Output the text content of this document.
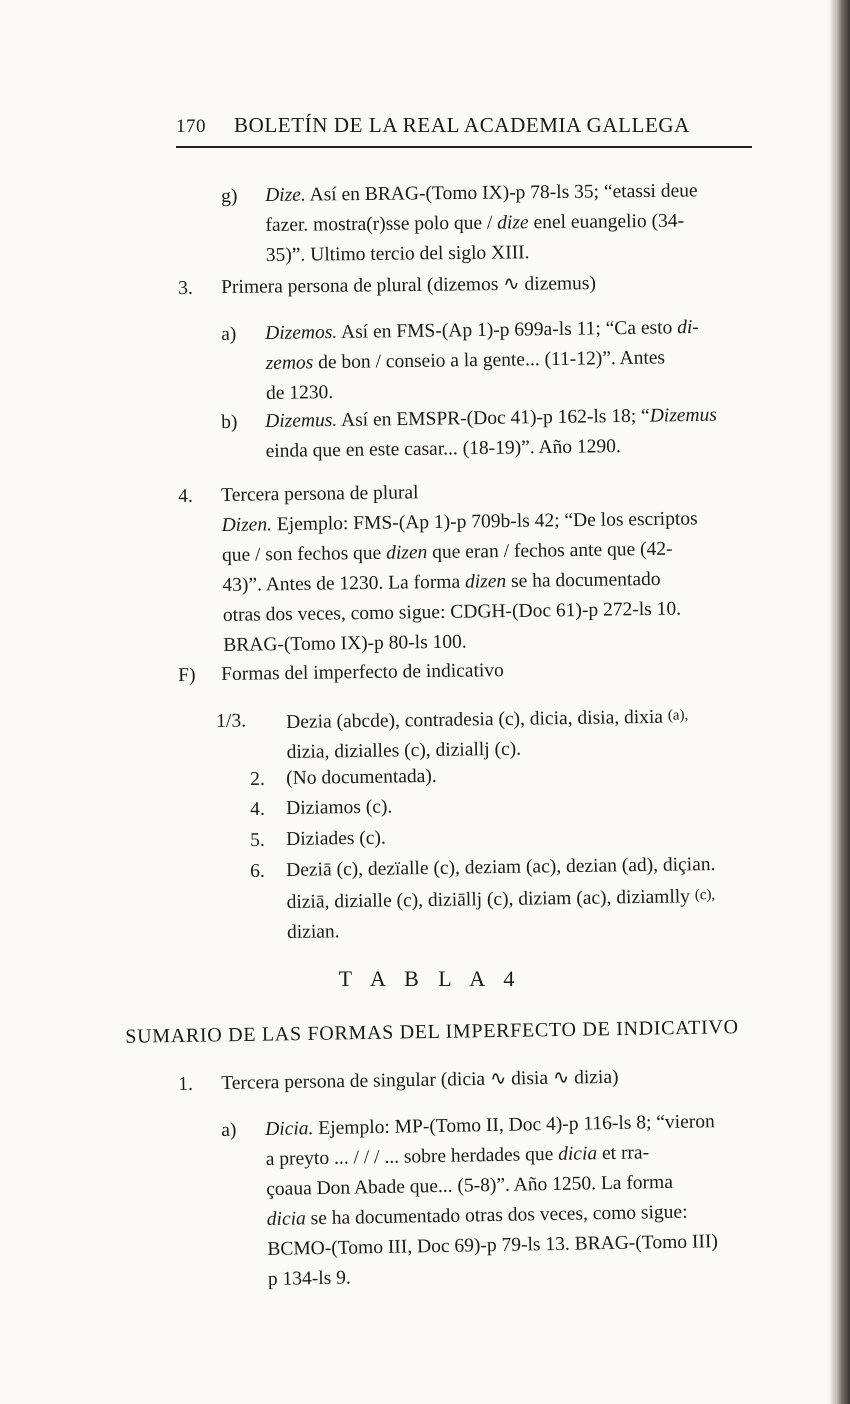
170	BOLETÍN DE LA REAL ACADEMIA GALLEGA
g) Dize. Así en BRAG-(Tomo IX)-p 78-ls 35; “etassi deue
fazer. mostra(r)sse polo que / dize enel euangelio (34-
35)”. Ultimo tercio del siglo XIII.
3. Primera persona de plural (dizemos ∿ dizemus)
a) Dizemos. Así en FMS-(Ap 1)-p 699a-ls 11; “Ca esto di-
zemos de bon / conseio a la gente... (11-12)”. Antes
de 1230.
b) Dizemus. Así en EMSPR-(Doc 41)-p 162-ls 18; “Dizemus
einda que en este casar... (18-19)”. Año 1290.
4. Tercera persona de plural
Dizen. Ejemplo: FMS-(Ap 1)-p 709b-ls 42; “De los escriptos
que / son fechos que dizen que eran / fechos ante que (42-
43)”. Antes de 1230. La forma dizen se ha documentado
otras dos veces, como sigue: CDGH-(Doc 61)-p 272-ls 10.
BRAG-(Tomo IX)-p 80-ls 100.
F) Formas del imperfecto de indicativo
1/3. Dezia (abcde), contradesia (c), dicia, disia, dixia $^{(a),}$
dizia, dizialles (c), diziallj (c).
2. (No documentada).
4. Diziamos (c).
5. Diziades (c).
6. Deziā (c), dezïalle (c), deziam (ac), dezian (ad), diçian.
diziā, dizialle (c), diziāllj (c), diziam (ac), diziamlly $^{(c),}$
dizian.
T A B L A 4
SUMARIO DE LAS FORMAS DEL IMPERFECTO DE INDICATIVO
1. Tercera persona de singular (dicia ∿ disia ∿ dizia)
a) Dicia. Ejemplo: MP-(Tomo II, Doc 4)-p 116-ls 8; “vieron
a preyto ... / / / ... sobre herdades que dicia et rra-
çoaua Don Abade que... (5-8)”. Año 1250. La forma
dicia se ha documentado otras dos veces, como sigue:
BCMO-(Tomo III, Doc 69)-p 79-ls 13. BRAG-(Tomo III)
p 134-ls 9.
